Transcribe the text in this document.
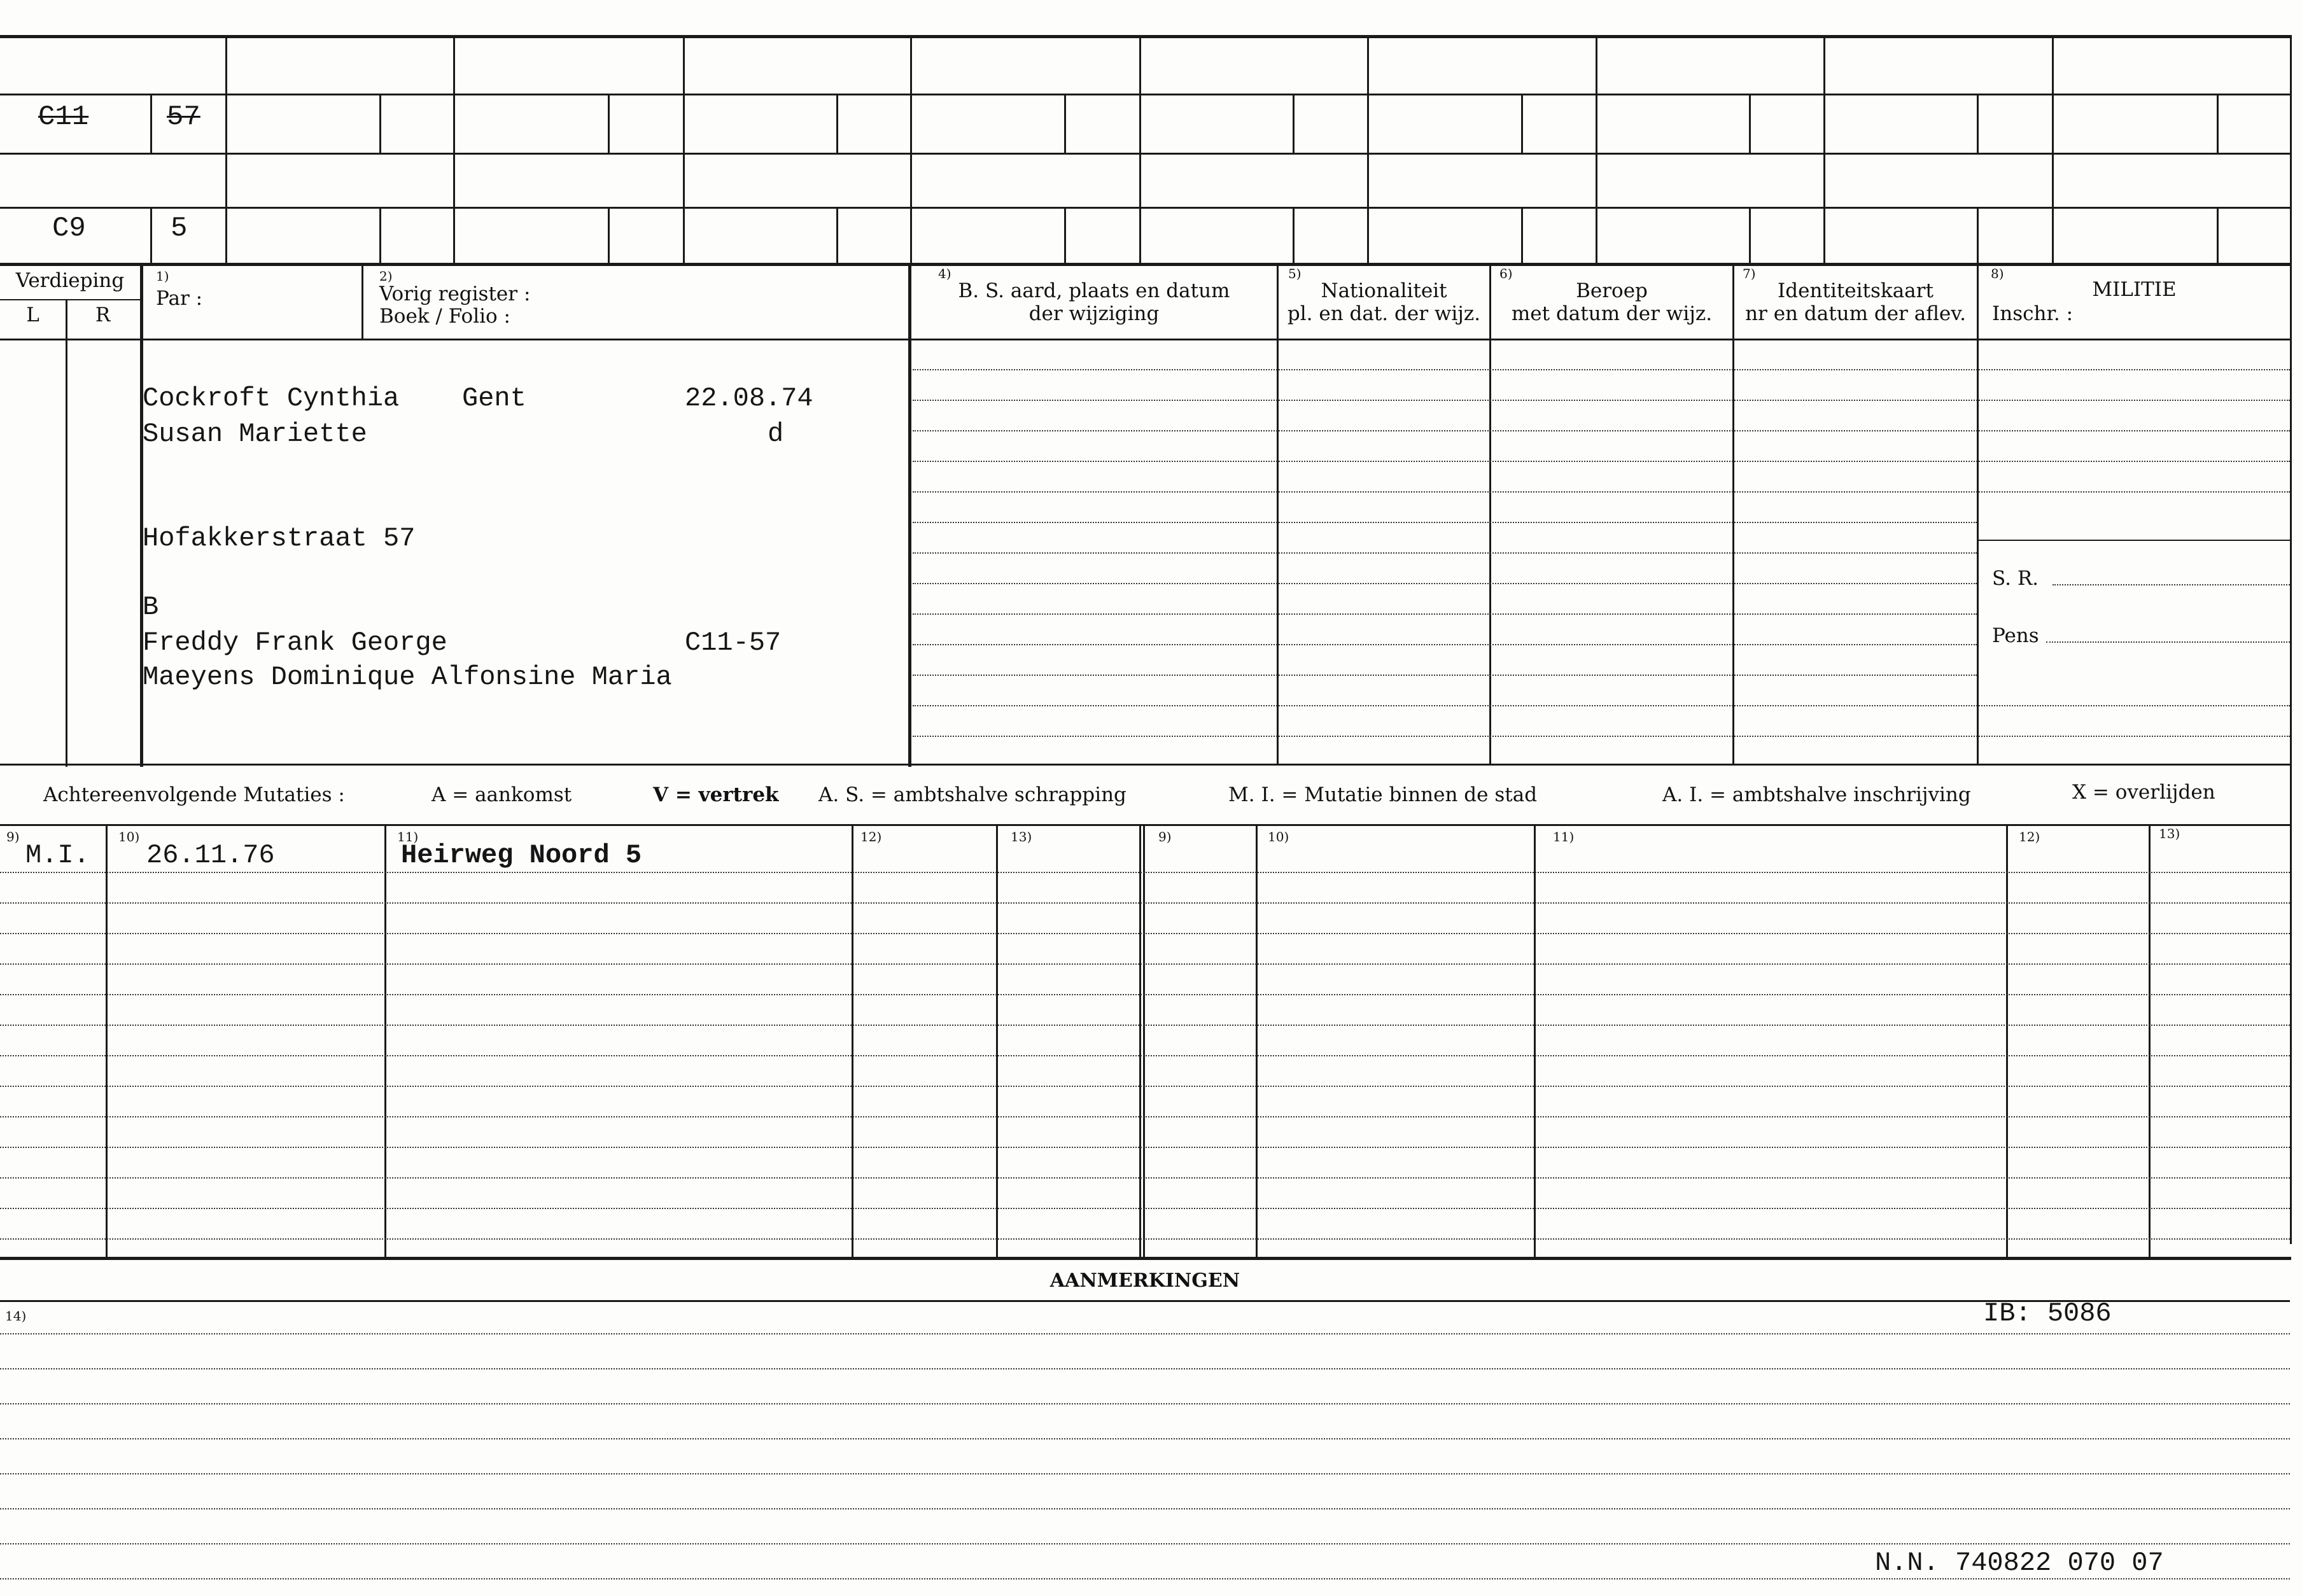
C11	57
C9	5
Verdieping
L	R
1)
Par :
2)
Vorig register :
Boek / Folio :
4)
B. S. aard, plaats en datum
der wijziging
5)
Nationaliteit
pl. en dat. der wijz.
6)
Beroep
met datum der wijz.
7)
Identiteitskaart
nr en datum der aflev.
8)
MILITIE
Inschr. :
Cockroft Cynthia Gent	22.08.74
Susan Mariette	d
Hofakkerstraat 57
B
Freddy Frank George	C11-57
Maeyens Dominique Alfonsine Maria
S. R.
Pens
Achtereenvolgende Mutaties :	A = aankomst	V = vertrek A. S. = ambtshalve schrapping	M. I. = Mutatie binnen de stad	A. I. = ambtshalve inschrijving	X = overlijden
9)	10)	11)	12)	13)	9)	10)	11)	12)	13)
M.I. 26.11.76	Heirweg Noord 5
AANMERKINGEN
14)	IB: 5086
N.N. 740822 070 07
